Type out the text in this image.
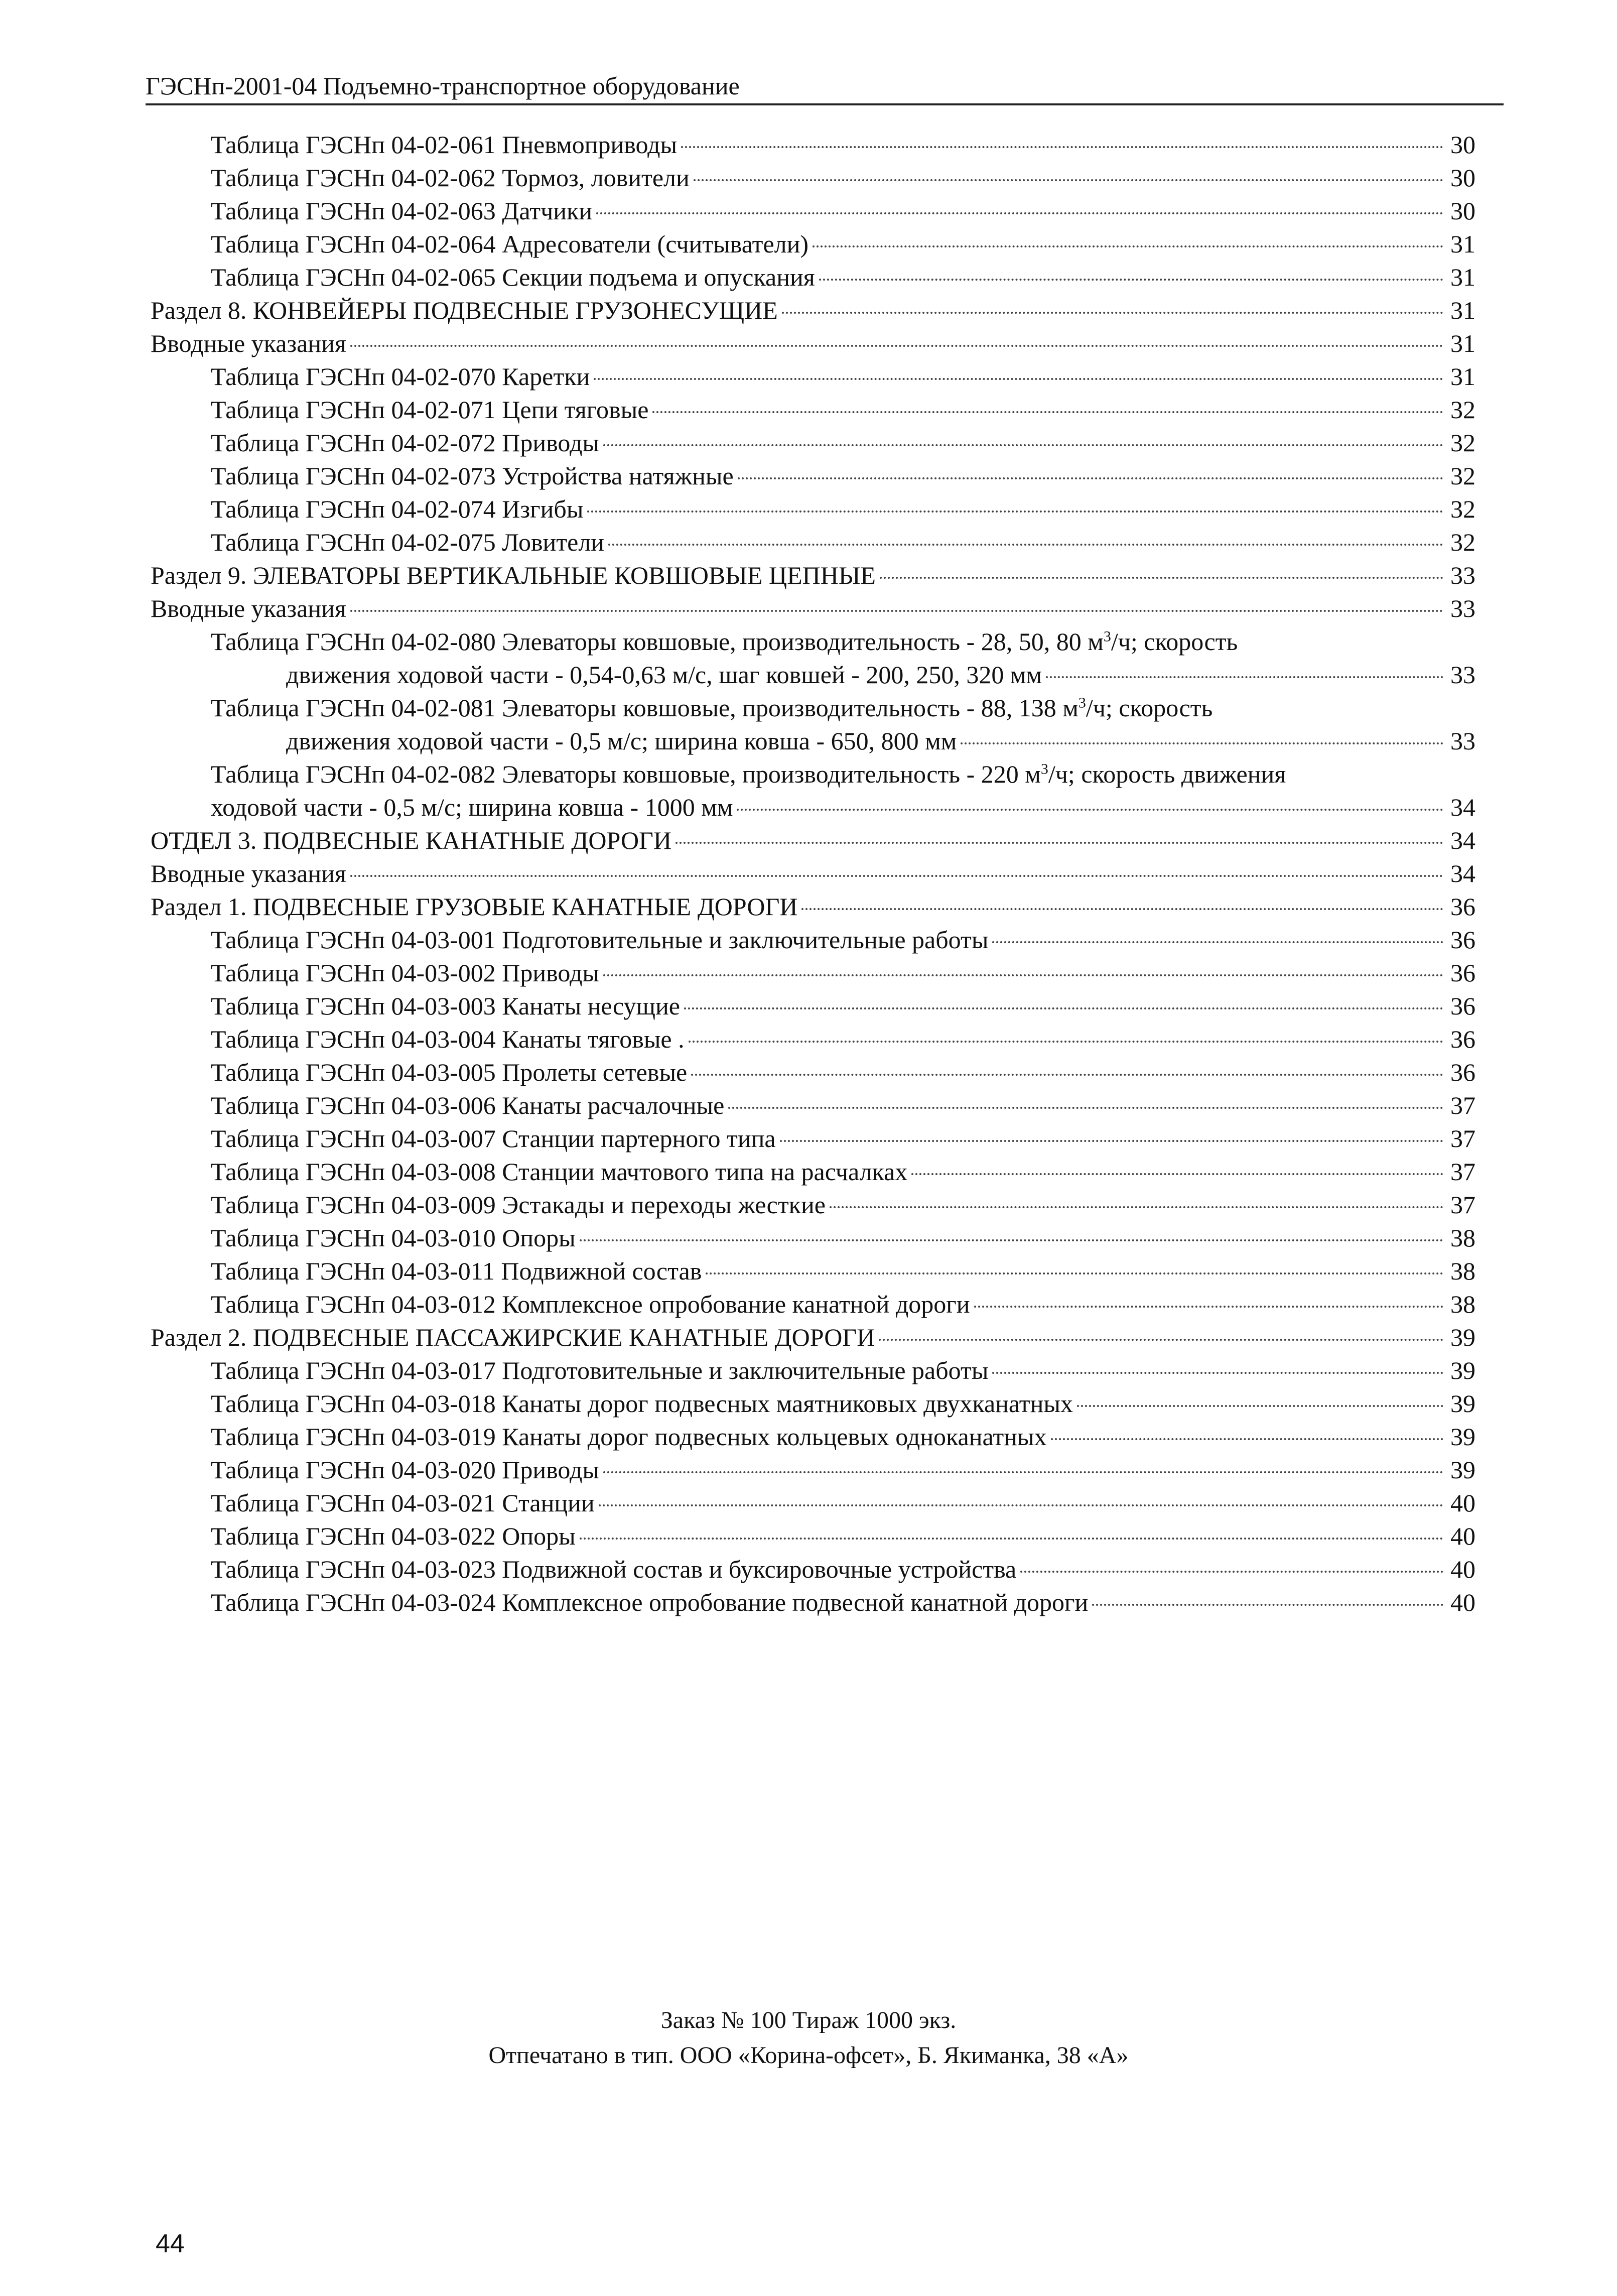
ГЭСНп-2001-04 Подъемно-транспортное оборудование
Таблица ГЭСНп 04-02-061 Пневмоприводы	30
Таблица ГЭСНп 04-02-062 Тормоз, ловители	30
Таблица ГЭСНп 04-02-063 Датчики	30
Таблица ГЭСНп 04-02-064 Адресователи (считыватели)	31
Таблица ГЭСНп 04-02-065 Секции подъема и опускания	31
Раздел 8. КОНВЕЙЕРЫ ПОДВЕСНЫЕ ГРУЗОНЕСУЩИЕ	31
Вводные указания	31
Таблица ГЭСНп 04-02-070 Каретки	31
Таблица ГЭСНп 04-02-071 Цепи тяговые	32
Таблица ГЭСНп 04-02-072 Приводы	32
Таблица ГЭСНп 04-02-073 Устройства натяжные	32
Таблица ГЭСНп 04-02-074 Изгибы	32
Таблица ГЭСНп 04-02-075 Ловители	32
Раздел 9. ЭЛЕВАТОРЫ ВЕРТИКАЛЬНЫЕ КОВШОВЫЕ ЦЕПНЫЕ	33
Вводные указания	33
Таблица ГЭСНп 04-02-080 Элеваторы ковшовые, производительность - 28, 50, 80 $м^3/ч$; скорость
движения ходовой части - 0,54-0,63 м/с, шаг ковшей - 200, 250, 320 мм	33
Таблица ГЭСНп 04-02-081 Элеваторы ковшовые, производительность - 88, 138 $м^3/ч$; скорость
движения ходовой части - 0,5 м/с; ширина ковша - 650, 800 мм	33
Таблица ГЭСНп 04-02-082 Элеваторы ковшовые, производительность - 220 $м^3/ч$; скорость движения
ходовой части - 0,5 м/с; ширина ковша - 1000 мм	34
ОТДЕЛ 3. ПОДВЕСНЫЕ КАНАТНЫЕ ДОРОГИ	34
Вводные указания	34
Раздел 1. ПОДВЕСНЫЕ ГРУЗОВЫЕ КАНАТНЫЕ ДОРОГИ	36
Таблица ГЭСНп 04-03-001 Подготовительные и заключительные работы	36
Таблица ГЭСНп 04-03-002 Приводы	36
Таблица ГЭСНп 04-03-003 Канаты несущие	36
Таблица ГЭСНп 04-03-004 Канаты тяговые .	36
Таблица ГЭСНп 04-03-005 Пролеты сетевые	36
Таблица ГЭСНп 04-03-006 Канаты расчалочные	37
Таблица ГЭСНп 04-03-007 Станции партерного типа	37
Таблица ГЭСНп 04-03-008 Станции мачтового типа на расчалках	37
Таблица ГЭСНп 04-03-009 Эстакады и переходы жесткие	37
Таблица ГЭСНп 04-03-010 Опоры	38
Таблица ГЭСНп 04-03-011 Подвижной состав	38
Таблица ГЭСНп 04-03-012 Комплексное опробование канатной дороги	38
Раздел 2. ПОДВЕСНЫЕ ПАССАЖИРСКИЕ КАНАТНЫЕ ДОРОГИ	39
Таблица ГЭСНп 04-03-017 Подготовительные и заключительные работы	39
Таблица ГЭСНп 04-03-018 Канаты дорог подвесных маятниковых двухканатных	39
Таблица ГЭСНп 04-03-019 Канаты дорог подвесных кольцевых одноканатных	39
Таблица ГЭСНп 04-03-020 Приводы	39
Таблица ГЭСНп 04-03-021 Станции	40
Таблица ГЭСНп 04-03-022 Опоры	40
Таблица ГЭСНп 04-03-023 Подвижной состав и буксировочные устройства	40
Таблица ГЭСНп 04-03-024 Комплексное опробование подвесной канатной дороги	40
Заказ № 100 Тираж 1000 экз.
Отпечатано в тип. ООО «Корина-офсет», Б. Якиманка, 38 «А»
44
